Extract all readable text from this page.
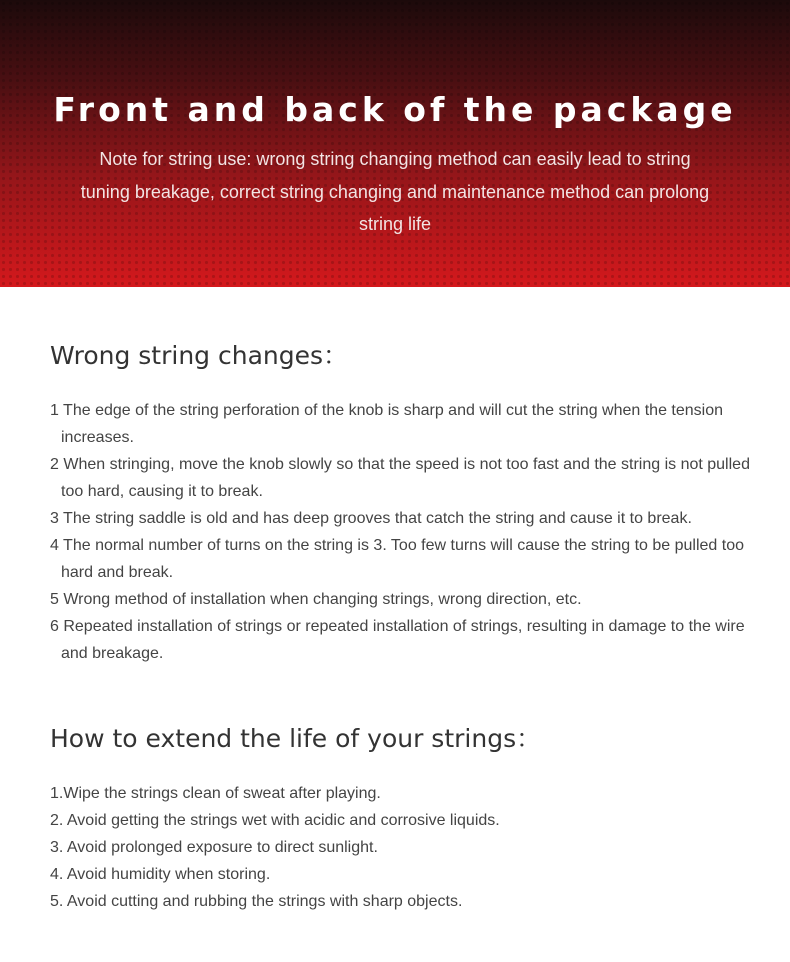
Front and back of the package

Note for string use: wrong string changing method can easily lead to string tuning breakage, correct string changing and maintenance method can prolong string life

Wrong string changes：
1 The edge of the string perforation of the knob is sharp and will cut the string when the tension increases.
2 When stringing, move the knob slowly so that the speed is not too fast and the string is not pulled too hard, causing it to break.
3 The string saddle is old and has deep grooves that catch the string and cause it to break.
4 The normal number of turns on the string is 3. Too few turns will cause the string to be pulled too hard and break.
5 Wrong method of installation when changing strings, wrong direction, etc.
6 Repeated installation of strings or repeated installation of strings, resulting in damage to the wire and breakage.
How to extend the life of your strings：
1.Wipe the strings clean of sweat after playing.
2. Avoid getting the strings wet with acidic and corrosive liquids.
3. Avoid prolonged exposure to direct sunlight.
4. Avoid humidity when storing.
5. Avoid cutting and rubbing the strings with sharp objects.
